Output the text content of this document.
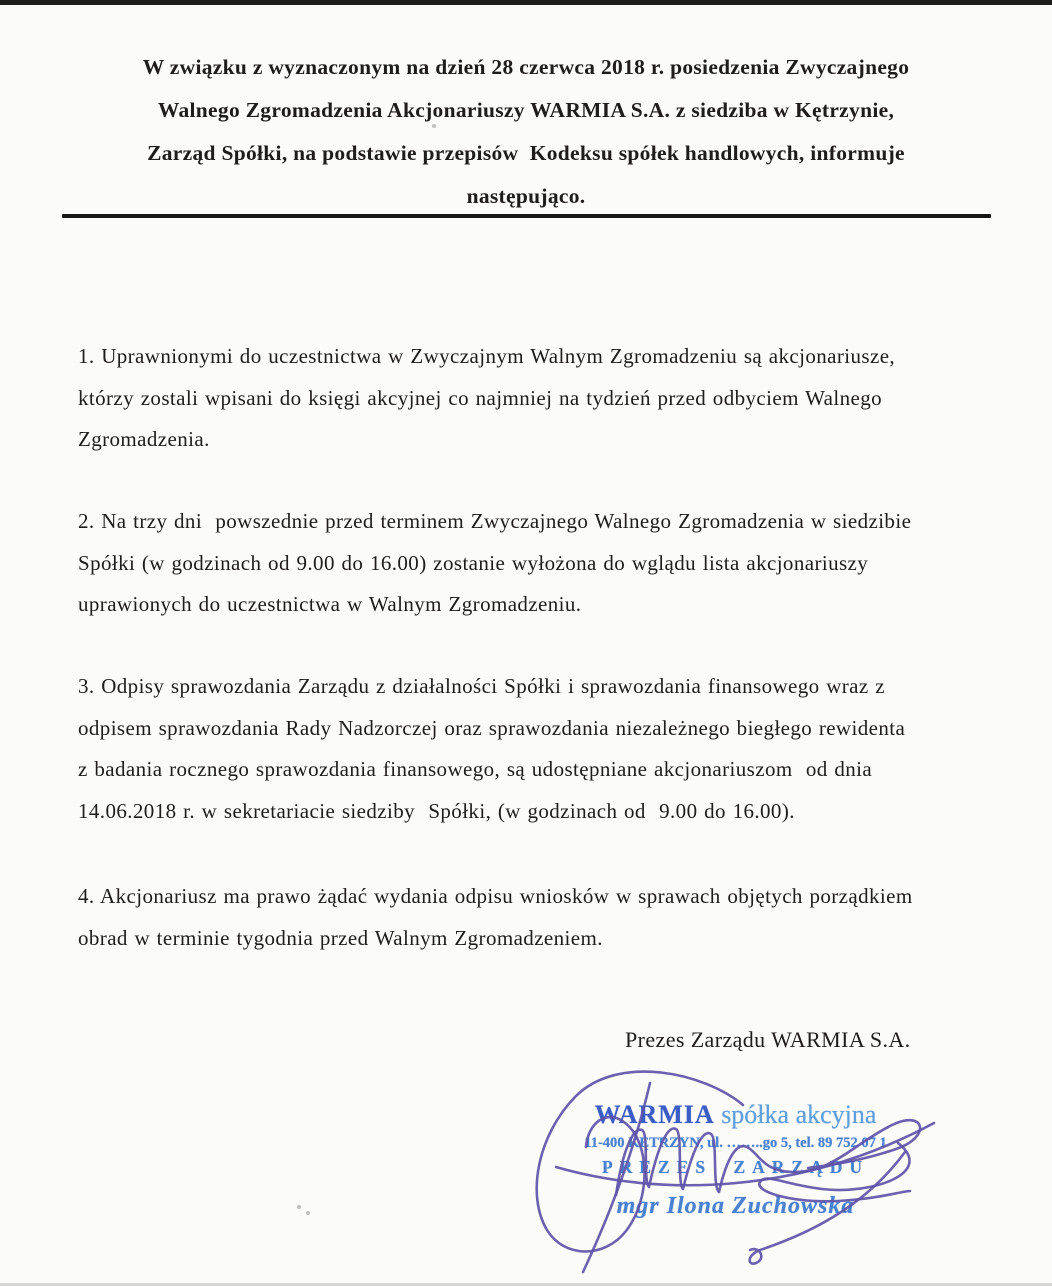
W związku z wyznaczonym na dzień 28 czerwca 2018 r. posiedzenia Zwyczajnego
Walnego Zgromadzenia Akcjonariuszy WARMIA S.A. z siedziba w Kętrzynie,
Zarząd Spółki, na podstawie przepisów  Kodeksu spółek handlowych, informuje
następująco.
1. Uprawnionymi do uczestnictwa w Zwyczajnym Walnym Zgromadzeniu są akcjonariusze,
którzy zostali wpisani do księgi akcyjnej co najmniej na tydzień przed odbyciem Walnego
Zgromadzenia.
2. Na trzy dni  powszednie przed terminem Zwyczajnego Walnego Zgromadzenia w siedzibie
Spółki (w godzinach od 9.00 do 16.00) zostanie wyłożona do wglądu lista akcjonariuszy
uprawionych do uczestnictwa w Walnym Zgromadzeniu.
3. Odpisy sprawozdania Zarządu z działalności Spółki i sprawozdania finansowego wraz z
odpisem sprawozdania Rady Nadzorczej oraz sprawozdania niezależnego biegłego rewidenta
z badania rocznego sprawozdania finansowego, są udostępniane akcjonariuszom  od dnia
14.06.2018 r. w sekretariacie siedziby  Spółki, (w godzinach od  9.00 do 16.00).
4. Akcjonariusz ma prawo żądać wydania odpisu wniosków w sprawach objętych porządkiem
obrad w terminie tygodnia przed Walnym Zgromadzeniem.
Prezes Zarządu WARMIA S.A.
WARMIA spółka akcyjna
11-400 KĘTRZYN, ul. ……..go 5, tel. 89 752 07 1
PREZES ZARZĄDU
mgr Ilona Zuchowska
